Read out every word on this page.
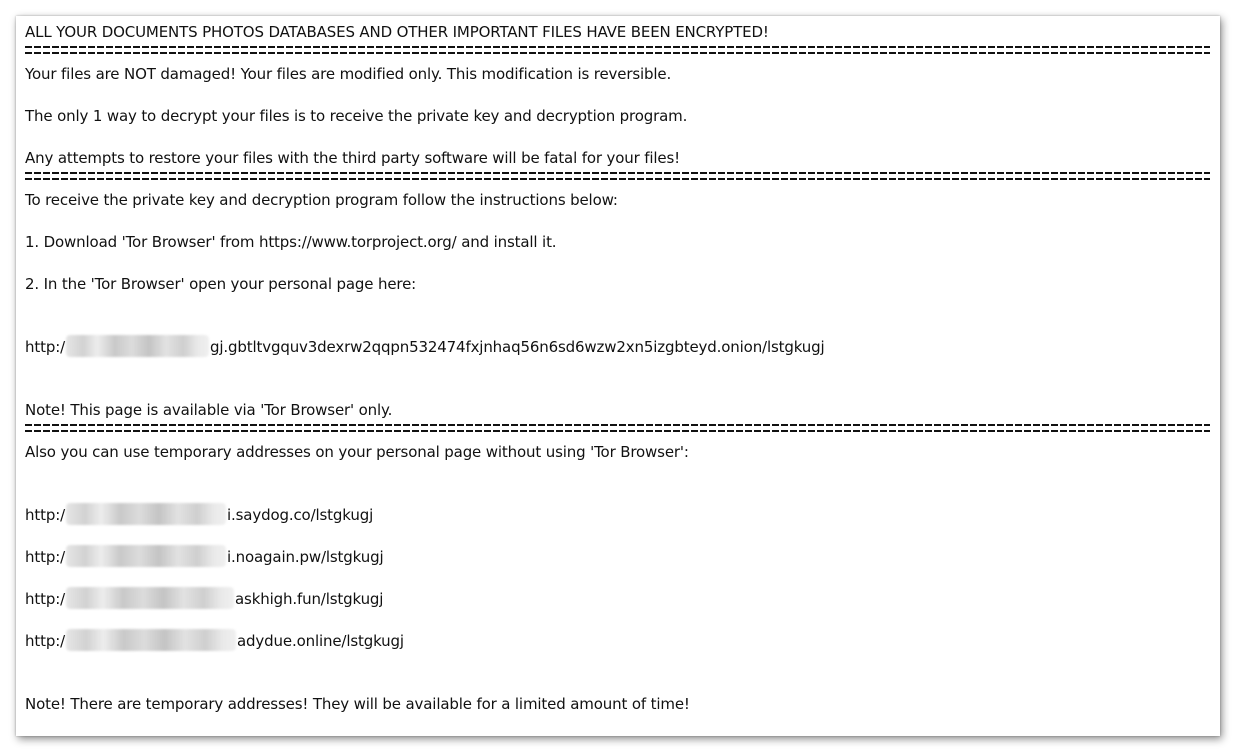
ALL YOUR DOCUMENTS PHOTOS DATABASES AND OTHER IMPORTANT FILES HAVE BEEN ENCRYPTED!
Your files are NOT damaged! Your files are modified only. This modification is reversible.
The only 1 way to decrypt your files is to receive the private key and decryption program.
Any attempts to restore your files with the third party software will be fatal for your files!
To receive the private key and decryption program follow the instructions below:
1. Download 'Tor Browser' from https://www.torproject.org/ and install it.
2. In the 'Tor Browser' open your personal page here:
http:/	gj.gbtltvgquv3dexrw2qqpn532474fxjnhaq56n6sd6wzw2xn5izgbteyd.onion/lstgkugj
Note! This page is available via 'Tor Browser' only.
Also you can use temporary addresses on your personal page without using 'Tor Browser':
http:/	i.saydog.co/lstgkugj
http:/	i.noagain.pw/lstgkugj
http:/	askhigh.fun/lstgkugj
http:/	adydue.online/lstgkugj
Note! There are temporary addresses! They will be available for a limited amount of time!
